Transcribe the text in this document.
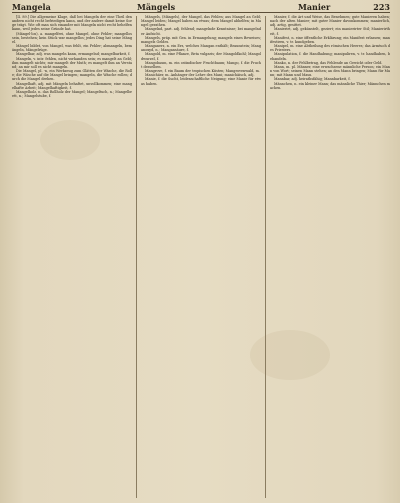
Mangela	Mängels	Manier	223

[II. 89.] Die allgemeine Klage, daß bei Mangeln der eine Theil den andern nicht recht befriedigen kann, und der andere damit keine Sorge trägt. Wie oft man sich einander mit Mangeln nicht recht behelfen kann, weil jedes seine Gründe hat.

(Mängel-los), a. mangelfrei, ohne Mangel, ohne Fehler; mangellos sein, bestehen; kein Stück war mangellos; jedes Ding hat seine Mängel.

Mängel bildet, von Mangel, was fehlt, ein Fehler; abmangeln, bemängeln, Mängelrüge.

Mangelbar, adj. was mangeln kann, ermangelnd; mangelbarkeit, f.

Mangeln, v. intr. fehlen, nicht vorhanden sein; es mangelt an Geld; ihm mangelt nichts; mir mangelt der Muth; es mangelt ihm an Verstand; an mir soll es nicht mangeln.

Die Mangel, pl. -n, ein Werkzeug zum Glätten der Wäsche, die Rolle; die Wäsche auf die Mangel bringen; mangeln, die Wäsche rollen; durch die Mangel drehen.

Mangelhaft, adj. mit Mängeln behaftet, unvollkommen; eine mangelhafte Arbeit; Mangelhaftigkeit, f.

Mangelholz, n. das Rollholz der Mangel; Mangeltuch, n.; Mangelbrett, n.; Mangelstube, f.

Mängels, (Mängels), der Mangel, das Fehlen; aus Mangel an Geld; Mangel leiden; Mangel haben an etwas; dem Mangel abhelfen; in Mangel gerathen.

Mangelnd, part. adj. fehlend; mangelnde Kenntnisse; bei mangelnder Aufsicht.

Mangels, präp. mit Gen. in Ermangelung; mangels eines Beweises; mangels Geldes.

Manganerz, n. ein Erz, welches Mangan enthält; Braunstein; Manganoxyd, n.; Mangansäure, f.

Mangold, m. eine Pflanze, Beta vulgaris; der Mangoldkohl; Mangoldwurzel, f.

Mangobaum, m. ein ostindischer Fruchtbaum; Mango, f. die Frucht desselben.

Mangrove, f. ein Baum der tropischen Küsten; Mangrovenwald, m.

Manichäer, m. Anhänger der Lehre des Mani; manichäisch, adj.

Manie, f. die Sucht, leidenschaftliche Neigung; eine Manie für etwas haben.

Manier, f. die Art und Weise, das Benehmen; gute Manieren haben; nach der alten Manier; mit guter Manier davonkommen; manierlich, adj. artig, gesittet.

Manierirt, adj. gekünstelt, geziert; ein manierirter Stil; Manierirtheit, f.

Manifest, n. eine öffentliche Erklärung; ein Manifest erlassen; manifestiren, v. tr. kundgeben.

Manipel, m. eine Abtheilung des römischen Heeres; das Armtuch des Priesters.

Manipulation, f. die Handhabung; manipuliren, v. tr. handhaben, behandeln.

Manko, n. der Fehlbetrag, das Fehlende an Gewicht oder Geld.

Mann, m. pl. Männer, eine erwachsene männliche Person; ein Mann von Wort; seinen Mann stehen; an den Mann bringen; Mann für Mann; mit Mann und Maus.

Mannbar, adj. heirathsfähig; Mannbarkeit, f.

Männchen, n. ein kleiner Mann; das männliche Thier; Männchen machen.
